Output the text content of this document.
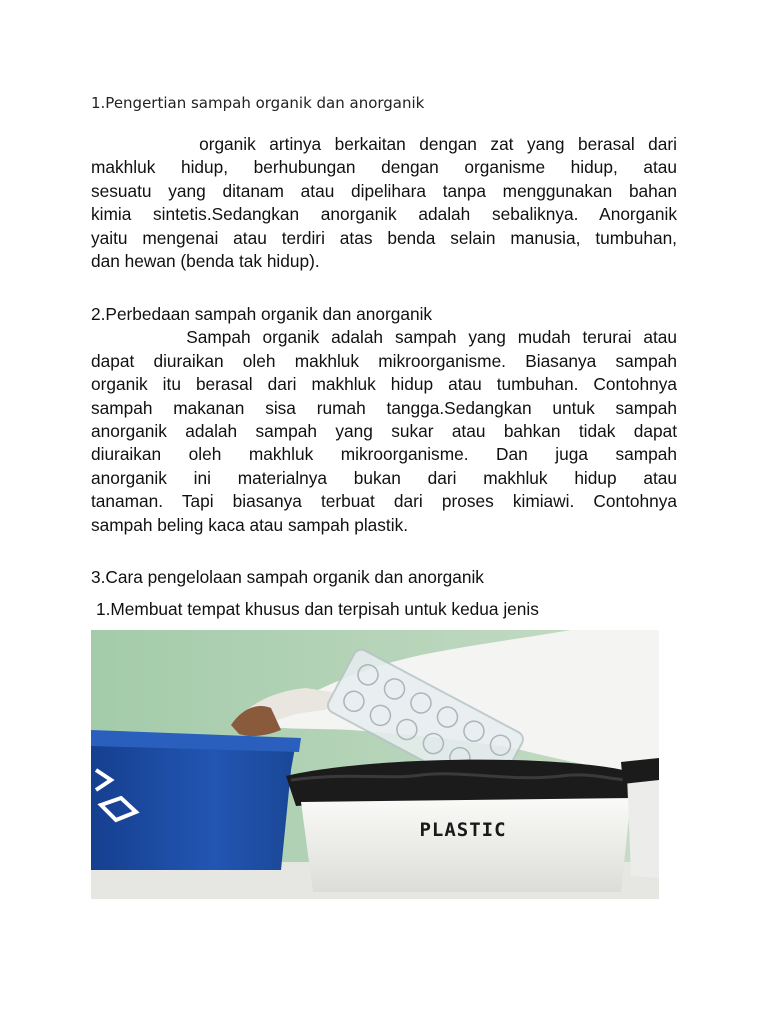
1.Pengertian sampah organik dan anorganik
organik artinya berkaitan dengan zat yang berasal dari
makhluk hidup, berhubungan dengan organisme hidup, atau
sesuatu yang ditanam atau dipelihara tanpa menggunakan bahan
kimia sintetis.Sedangkan anorganik adalah sebaliknya. Anorganik
yaitu mengenai atau terdiri atas benda selain manusia, tumbuhan,
dan hewan (benda tak hidup).
2.Perbedaan sampah organik dan anorganik
Sampah organik adalah sampah yang mudah terurai atau
dapat diuraikan oleh makhluk mikroorganisme. Biasanya sampah
organik itu berasal dari makhluk hidup atau tumbuhan. Contohnya
sampah makanan sisa rumah tangga.Sedangkan untuk sampah
anorganik adalah sampah yang sukar atau bahkan tidak dapat
diuraikan oleh makhluk mikroorganisme. Dan juga sampah
anorganik ini materialnya bukan dari makhluk hidup atau
tanaman. Tapi biasanya terbuat dari proses kimiawi. Contohnya
sampah beling kaca atau sampah plastik.
3.Cara pengelolaan sampah organik dan anorganik
1.Membuat tempat khusus dan terpisah untuk kedua jenis
PLASTIC
